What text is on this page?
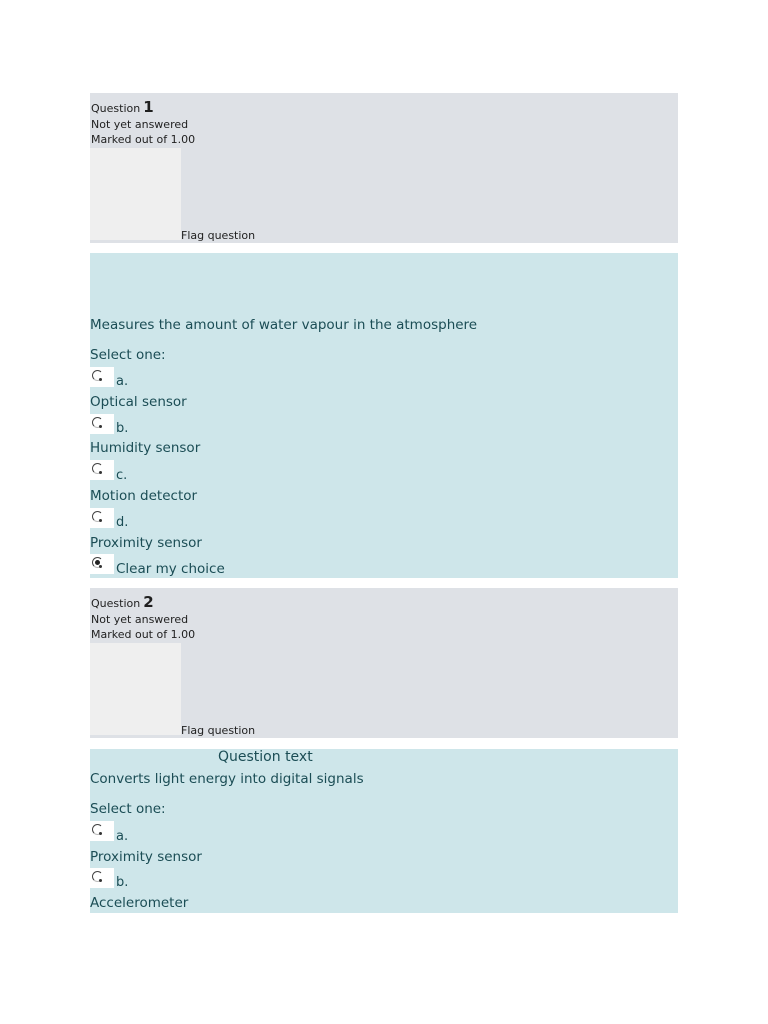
Question 1
Not yet answered
Marked out of 1.00
Flag question
Measures the amount of water vapour in the atmosphere
Select one:
a.
Optical sensor
b.
Humidity sensor
c.
Motion detector
d.
Proximity sensor
Clear my choice
Question 2
Not yet answered
Marked out of 1.00
Flag question
Question text
Converts light energy into digital signals
Select one:
a.
Proximity sensor
b.
Accelerometer
